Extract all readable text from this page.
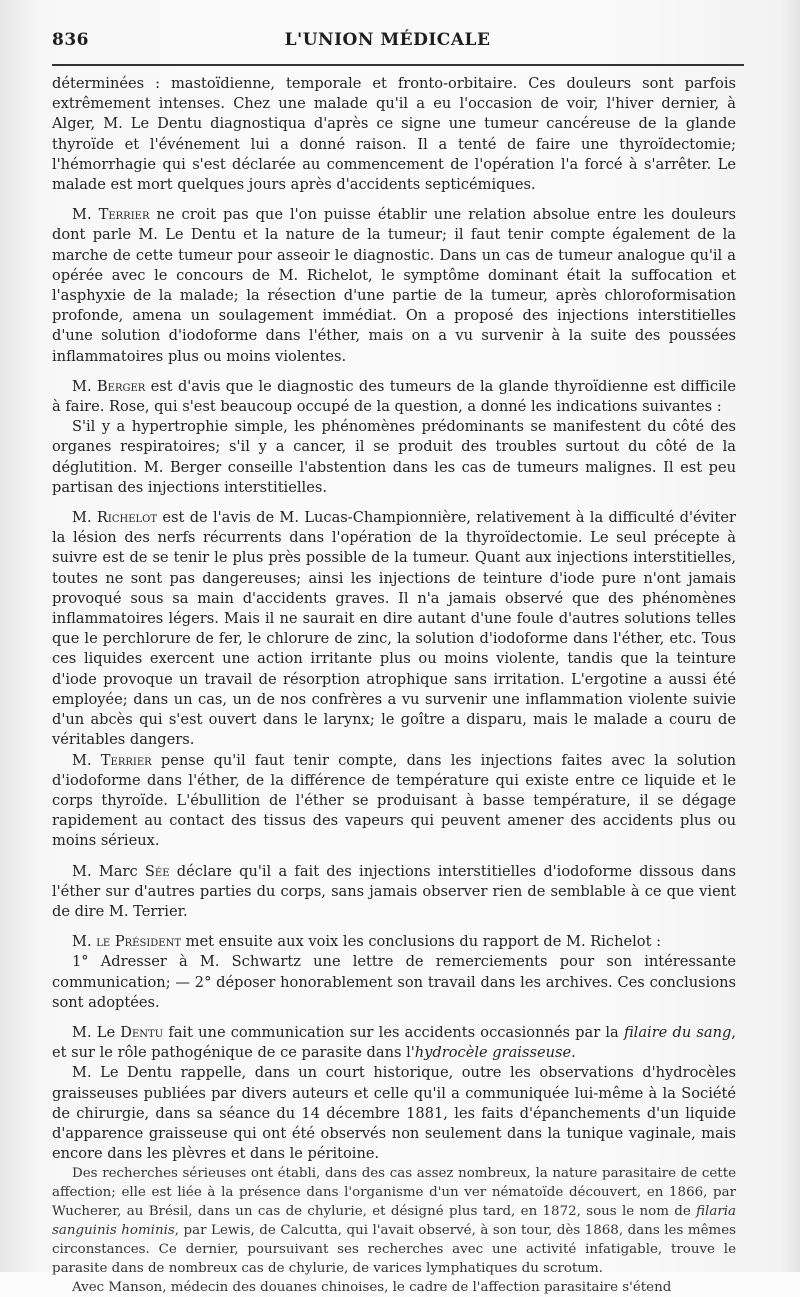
836	L'UNION MÉDICALE

déterminées : mastoïdienne, temporale et fronto-orbitaire. Ces douleurs sont parfois extrêmement intenses. Chez une malade qu'il a eu l'occasion de voir, l'hiver dernier, à Alger, M. Le Dentu diagnostiqua d'après ce signe une tumeur cancéreuse de la glande thyroïde et l'événement lui a donné raison. Il a tenté de faire une thyroïdectomie; l'hémorrhagie qui s'est déclarée au commencement de l'opération l'a forcé à s'arrêter. Le malade est mort quelques jours après d'accidents septicémiques.

M. Terrier ne croit pas que l'on puisse établir une relation absolue entre les douleurs dont parle M. Le Dentu et la nature de la tumeur; il faut tenir compte également de la marche de cette tumeur pour asseoir le diagnostic. Dans un cas de tumeur analogue qu'il a opérée avec le concours de M. Richelot, le symptôme dominant était la suffocation et l'asphyxie de la malade; la résection d'une partie de la tumeur, après chloroformisation profonde, amena un soulagement immédiat. On a proposé des injections interstitielles d'une solution d'iodoforme dans l'éther, mais on a vu survenir à la suite des poussées inflammatoires plus ou moins violentes.

M. Berger est d'avis que le diagnostic des tumeurs de la glande thyroïdienne est difficile à faire. Rose, qui s'est beaucoup occupé de la question, a donné les indications suivantes :

S'il y a hypertrophie simple, les phénomènes prédominants se manifestent du côté des organes respiratoires; s'il y a cancer, il se produit des troubles surtout du côté de la déglutition. M. Berger conseille l'abstention dans les cas de tumeurs malignes. Il est peu partisan des injections interstitielles.

M. Richelot est de l'avis de M. Lucas-Championnière, relativement à la difficulté d'éviter la lésion des nerfs récurrents dans l'opération de la thyroïdectomie. Le seul précepte à suivre est de se tenir le plus près possible de la tumeur. Quant aux injections interstitielles, toutes ne sont pas dangereuses; ainsi les injections de teinture d'iode pure n'ont jamais provoqué sous sa main d'accidents graves. Il n'a jamais observé que des phénomènes inflammatoires légers. Mais il ne saurait en dire autant d'une foule d'autres solutions telles que le perchlorure de fer, le chlorure de zinc, la solution d'iodoforme dans l'éther, etc. Tous ces liquides exercent une action irritante plus ou moins violente, tandis que la teinture d'iode provoque un travail de résorption atrophique sans irritation. L'ergotine a aussi été employée; dans un cas, un de nos confrères a vu survenir une inflammation violente suivie d'un abcès qui s'est ouvert dans le larynx; le goître a disparu, mais le malade a couru de véritables dangers.

M. Terrier pense qu'il faut tenir compte, dans les injections faites avec la solution d'iodoforme dans l'éther, de la différence de température qui existe entre ce liquide et le corps thyroïde. L'ébullition de l'éther se produisant à basse température, il se dégage rapidement au contact des tissus des vapeurs qui peuvent amener des accidents plus ou moins sérieux.

M. Marc Sée déclare qu'il a fait des injections interstitielles d'iodoforme dissous dans l'éther sur d'autres parties du corps, sans jamais observer rien de semblable à ce que vient de dire M. Terrier.

M. le Président met ensuite aux voix les conclusions du rapport de M. Richelot :

1° Adresser à M. Schwartz une lettre de remerciements pour son intéressante communication; — 2° déposer honorablement son travail dans les archives. Ces conclusions sont adoptées.

M. Le Dentu fait une communication sur les accidents occasionnés par la filaire du sang, et sur le rôle pathogénique de ce parasite dans l'hydrocèle graisseuse.

M. Le Dentu rappelle, dans un court historique, outre les observations d'hydrocèles graisseuses publiées par divers auteurs et celle qu'il a communiquée lui-même à la Société de chirurgie, dans sa séance du 14 décembre 1881, les faits d'épanchements d'un liquide d'apparence graisseuse qui ont été observés non seulement dans la tunique vaginale, mais encore dans les plèvres et dans le péritoine.

Des recherches sérieuses ont établi, dans des cas assez nombreux, la nature parasitaire de cette affection; elle est liée à la présence dans l'organisme d'un ver nématoïde découvert, en 1866, par Wucherer, au Brésil, dans un cas de chylurie, et désigné plus tard, en 1872, sous le nom de filaria sanguinis hominis, par Lewis, de Calcutta, qui l'avait observé, à son tour, dès 1868, dans les mêmes circonstances. Ce dernier, poursuivant ses recherches avec une activité infatigable, trouve le parasite dans de nombreux cas de chylurie, de varices lymphatiques du scrotum.

Avec Manson, médecin des douanes chinoises, le cadre de l'affection parasitaire s'étend
